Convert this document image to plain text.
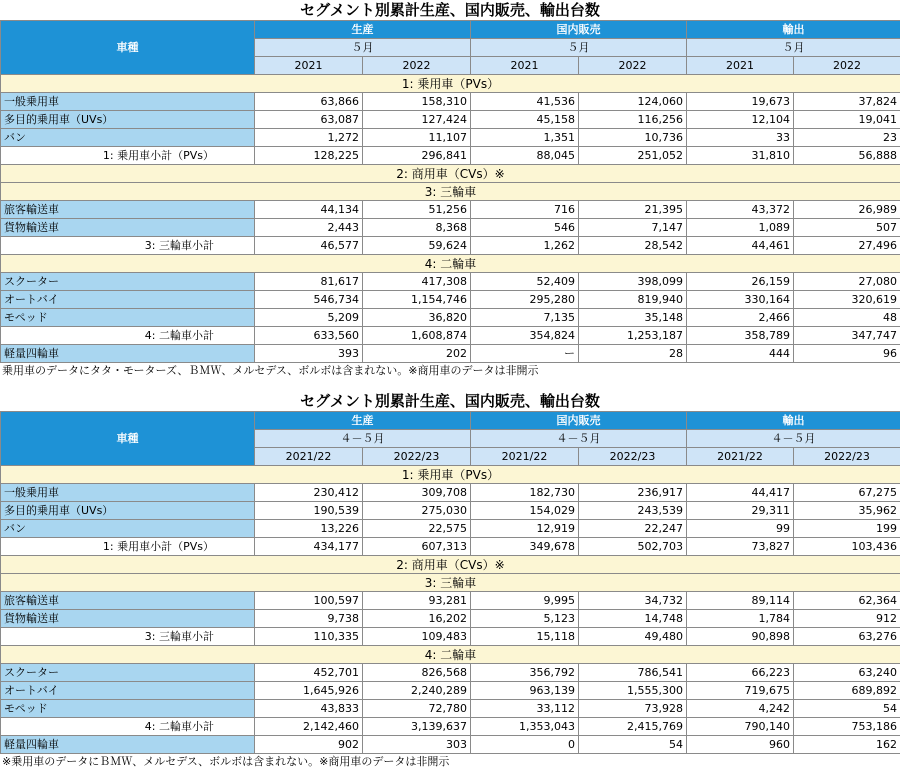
セグメント別累計生産、国内販売、輸出台数
車種	生産		国内販売		輸出	
	５月		５月		５月	
	2021	2022	2021	2022	2021	2022
1: 乗用車（PVs）						
一般乗用車	63,866	158,310	41,536	124,060	19,673	37,824
多目的乗用車（UVs）	63,087	127,424	45,158	116,256	12,104	19,041
バン	1,272	11,107	1,351	10,736	33	23
1: 乗用車小計（PVs）	128,225	296,841	88,045	251,052	31,810	56,888
2: 商用車（CVs）※						
3: 三輪車						
旅客輸送車	44,134	51,256	716	21,395	43,372	26,989
貨物輸送車	2,443	8,368	546	7,147	1,089	507
3: 三輪車小計	46,577	59,624	1,262	28,542	44,461	27,496
4: 二輪車						
スクーター	81,617	417,308	52,409	398,099	26,159	27,080
オートバイ	546,734	1,154,746	295,280	819,940	330,164	320,619
モペッド	5,209	36,820	7,135	35,148	2,466	48
4: 二輪車小計	633,560	1,608,874	354,824	1,253,187	358,789	347,747
軽量四輪車	393	202	ー	28	444	96
乗用車のデータにタタ・モーターズ、ＢＭＷ、メルセデス、ボルボは含まれない。※商用車のデータは非開示
セグメント別累計生産、国内販売、輸出台数
車種	生産		国内販売		輸出	
	４－５月		４－５月		４－５月	
	2021/22	2022/23	2021/22	2022/23	2021/22	2022/23
1: 乗用車（PVs）						
一般乗用車	230,412	309,708	182,730	236,917	44,417	67,275
多目的乗用車（UVs）	190,539	275,030	154,029	243,539	29,311	35,962
バン	13,226	22,575	12,919	22,247	99	199
1: 乗用車小計（PVs）	434,177	607,313	349,678	502,703	73,827	103,436
2: 商用車（CVs）※						
3: 三輪車						
旅客輸送車	100,597	93,281	9,995	34,732	89,114	62,364
貨物輸送車	9,738	16,202	5,123	14,748	1,784	912
3: 三輪車小計	110,335	109,483	15,118	49,480	90,898	63,276
4: 二輪車						
スクーター	452,701	826,568	356,792	786,541	66,223	63,240
オートバイ	1,645,926	2,240,289	963,139	1,555,300	719,675	689,892
モペッド	43,833	72,780	33,112	73,928	4,242	54
4: 二輪車小計	2,142,460	3,139,637	1,353,043	2,415,769	790,140	753,186
軽量四輪車	902	303	0	54	960	162
※乗用車のデータにＢＭＷ、メルセデス、ボルボは含まれない。※商用車のデータは非開示
